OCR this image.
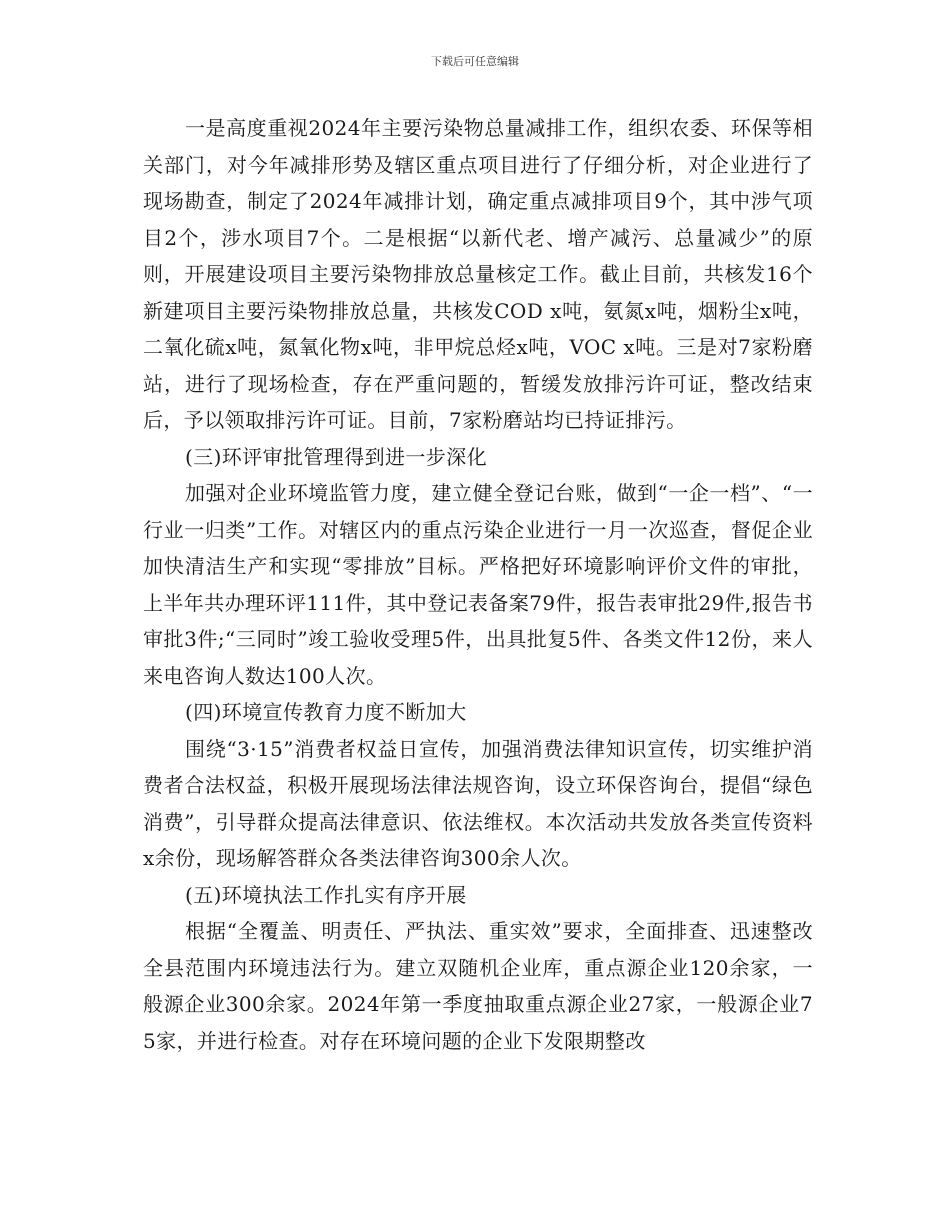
下载后可任意编辑

一是高度重视2024年主要污染物总量减排工作，组织农委、环保等相关部门，对今年减排形势及辖区重点项目进行了仔细分析，对企业进行了现场勘查，制定了2024年减排计划，确定重点减排项目9个，其中涉气项目2个，涉水项目7个。二是根据“以新代老、增产减污、总量减少”的原则，开展建设项目主要污染物排放总量核定工作。截止目前，共核发16个新建项目主要污染物排放总量，共核发COD x吨，氨氮x吨，烟粉尘x吨，二氧化硫x吨，氮氧化物x吨，非甲烷总烃x吨，VOC x吨。三是对7家粉磨站，进行了现场检查，存在严重问题的，暂缓发放排污许可证，整改结束后，予以领取排污许可证。目前，7家粉磨站均已持证排污。

(三)环评审批管理得到进一步深化

加强对企业环境监管力度，建立健全登记台账，做到“一企一档”、“一行业一归类”工作。对辖区内的重点污染企业进行一月一次巡查，督促企业加快清洁生产和实现“零排放”目标。严格把好环境影响评价文件的审批，上半年共办理环评111件，其中登记表备案79件，报告表审批29件,报告书审批3件;“三同时”竣工验收受理5件，出具批复5件、各类文件12份，来人来电咨询人数达100人次。

(四)环境宣传教育力度不断加大

围绕“3·15”消费者权益日宣传，加强消费法律知识宣传，切实维护消费者合法权益，积极开展现场法律法规咨询，设立环保咨询台，提倡“绿色消费”，引导群众提高法律意识、依法维权。本次活动共发放各类宣传资料x余份，现场解答群众各类法律咨询300余人次。

(五)环境执法工作扎实有序开展

根据“全覆盖、明责任、严执法、重实效”要求，全面排查、迅速整改全县范围内环境违法行为。建立双随机企业库，重点源企业120余家，一般源企业300余家。2024年第一季度抽取重点源企业27家，一般源企业75家，并进行检查。对存在环境问题的企业下发限期整改
